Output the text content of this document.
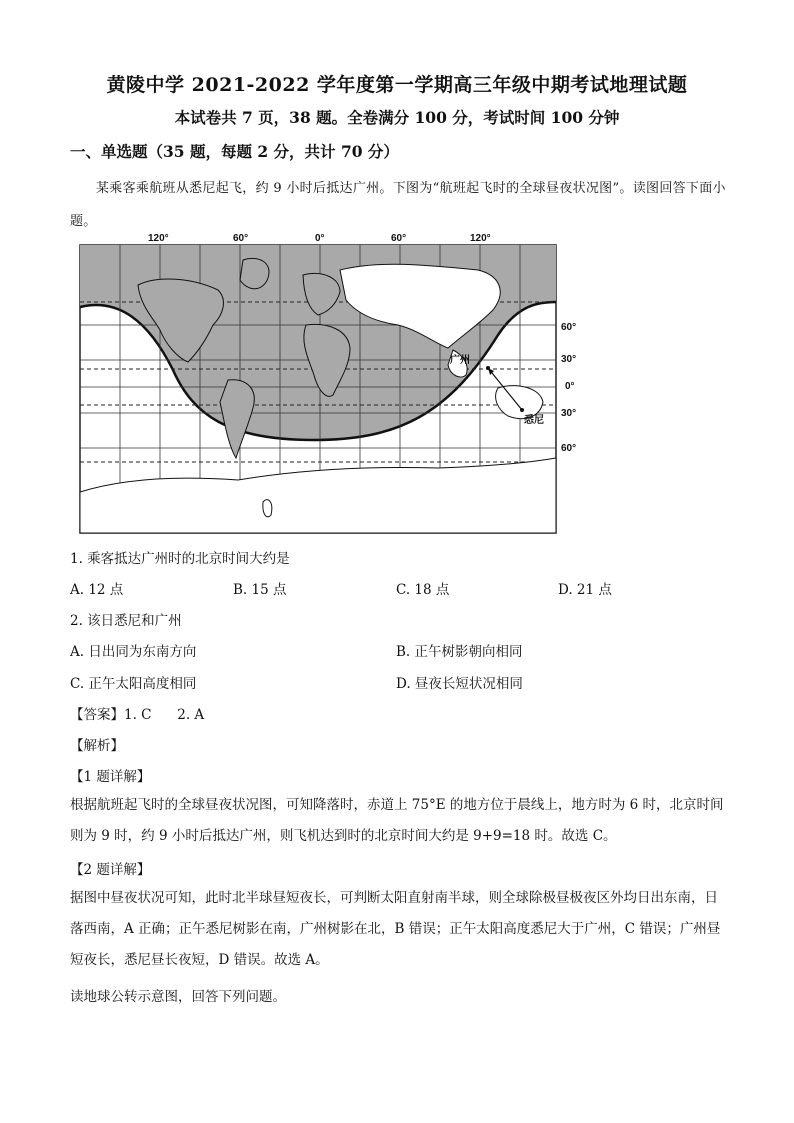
黄陵中学 2021-2022 学年度第一学期高三年级中期考试地理试题
本试卷共 7 页，38 题。全卷满分 100 分，考试时间 100 分钟
一、单选题（35 题，每题 2 分，共计 70 分）
某乘客乘航班从悉尼起飞，约 9 小时后抵达广州。下图为“航班起飞时的全球昼夜状况图”。读图回答下面小题。
120°	60°	0°	60°	120°
60°
30°
0°
30°
60°
广州
悉尼
1. 乘客抵达广州时的北京时间大约是
A. 12 点	B. 15 点	C. 18 点	D. 21 点
2. 该日悉尼和广州
A. 日出同为东南方向	B. 正午树影朝向相同
C. 正午太阳高度相同	D. 昼夜长短状况相同
【答案】1. C      2. A
【解析】
【1 题详解】
根据航班起飞时的全球昼夜状况图，可知降落时，赤道上 75°E 的地方位于晨线上，地方时为 6 时，北京时间则为 9 时，约 9 小时后抵达广州，则飞机达到时的北京时间大约是 9+9=18 时。故选 C。
【2 题详解】
据图中昼夜状况可知，此时北半球昼短夜长，可判断太阳直射南半球，则全球除极昼极夜区外均日出东南，日落西南，A 正确；正午悉尼树影在南，广州树影在北，B 错误；正午太阳高度悉尼大于广州，C 错误；广州昼短夜长，悉尼昼长夜短，D 错误。故选 A。
读地球公转示意图，回答下列问题。
